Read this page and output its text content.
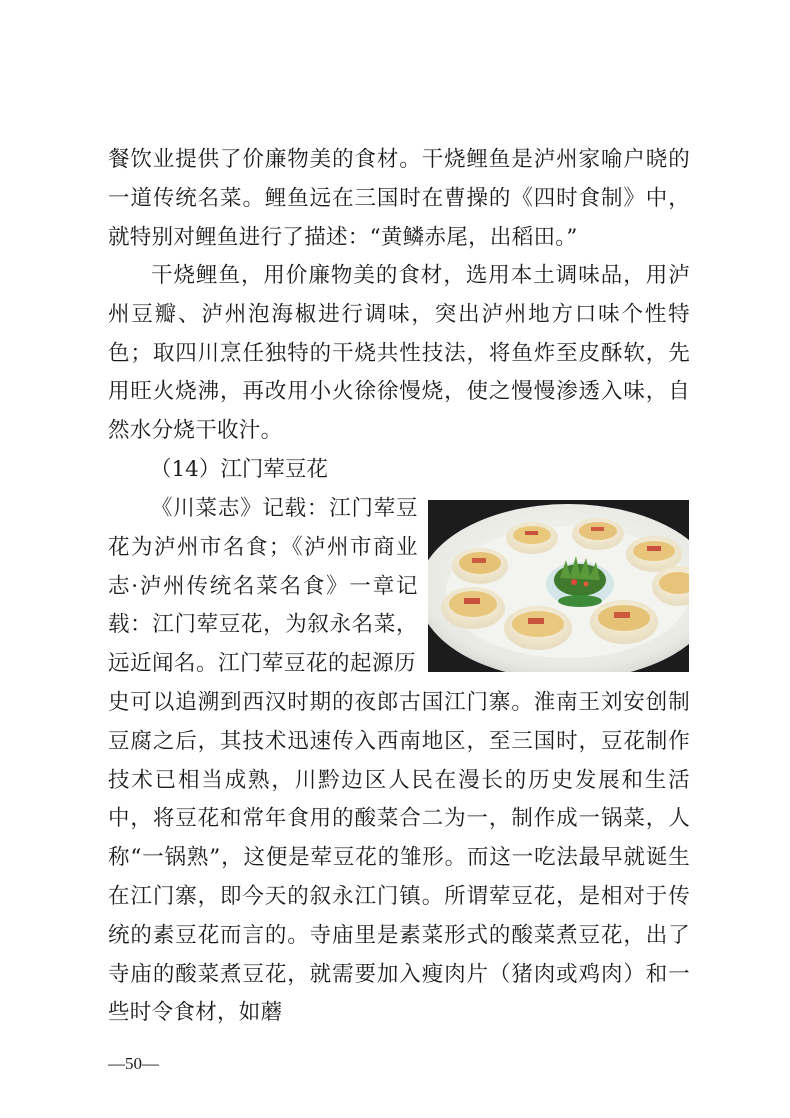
餐饮业提供了价廉物美的食材。干烧鲤鱼是泸州家喻户晓的一道传统名菜。鲤鱼远在三国时在曹操的《四时食制》中，就特别对鲤鱼进行了描述：“黄鳞赤尾，出稻田。”

干烧鲤鱼，用价廉物美的食材，选用本土调味品，用泸州豆瓣、泸州泡海椒进行调味，突出泸州地方口味个性特色；取四川烹任独特的干烧共性技法，将鱼炸至皮酥软，先用旺火烧沸，再改用小火徐徐慢烧，使之慢慢渗透入味，自然水分烧干收汁。

（14）江门荤豆花

《川菜志》记载：江门荤豆花为泸州市名食；《泸州市商业志·泸州传统名菜名食》一章记载：江门荤豆花，为叙永名菜，远近闻名。江门荤豆花的起源历

史可以追溯到西汉时期的夜郎古国江门寨。淮南王刘安创制豆腐之后，其技术迅速传入西南地区，至三国时，豆花制作技术已相当成熟，川黔边区人民在漫长的历史发展和生活中，将豆花和常年食用的酸菜合二为一，制作成一锅菜，人称“一锅熟”，这便是荤豆花的雏形。而这一吃法最早就诞生在江门寨，即今天的叙永江门镇。所谓荤豆花，是相对于传统的素豆花而言的。寺庙里是素菜形式的酸菜煮豆花，出了寺庙的酸菜煮豆花，就需要加入瘦肉片（猪肉或鸡肉）和一些时令食材，如蘑

—50—
